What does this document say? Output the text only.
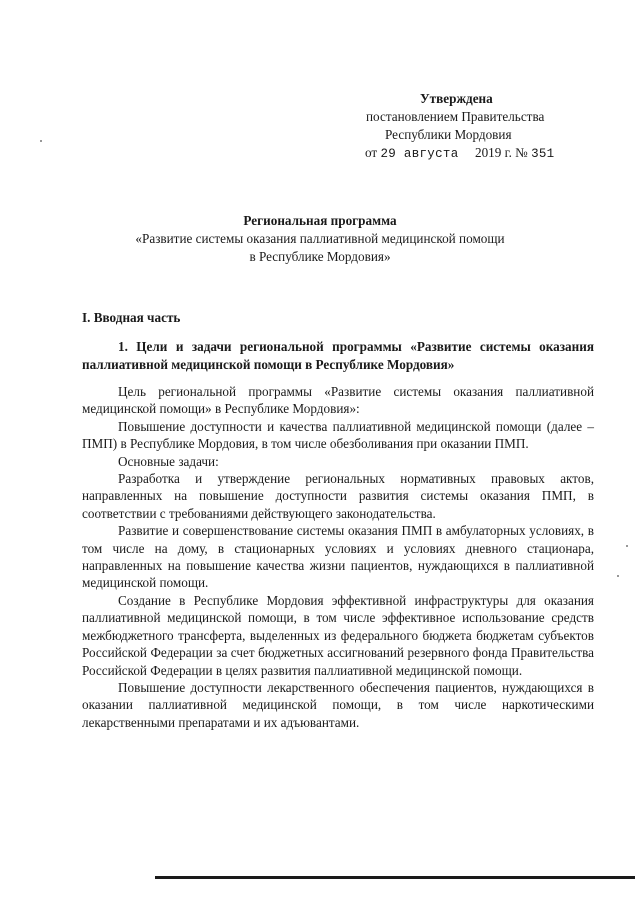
Утверждена
постановлением Правительства
Республики Мордовия
от 29 августа 2019 г. № 351
Региональная программа
«Развитие системы оказания паллиативной медицинской помощи
в Республике Мордовия»
I. Вводная часть
1. Цели и задачи региональной программы «Развитие системы оказания паллиативной медицинской помощи в Республике Мордовия»

Цель региональной программы «Развитие системы оказания паллиативной медицинской помощи» в Республике Мордовия»:

Повышение доступности и качества паллиативной медицинской помощи (далее – ПМП) в Республике Мордовия, в том числе обезболивания при оказании ПМП.

Основные задачи:

Разработка и утверждение региональных нормативных правовых актов, направленных на повышение доступности развития системы оказания ПМП, в соответствии с требованиями действующего законодательства.

Развитие и совершенствование системы оказания ПМП в амбулаторных условиях, в том числе на дому, в стационарных условиях и условиях дневного стационара, направленных на повышение качества жизни пациентов, нуждающихся в паллиативной медицинской помощи.

Создание в Республике Мордовия эффективной инфраструктуры для оказания паллиативной медицинской помощи, в том числе эффективное использование средств межбюджетного трансферта, выделенных из федерального бюджета бюджетам субъектов Российской Федерации за счет бюджетных ассигнований резервного фонда Правительства Российской Федерации в целях развития паллиативной медицинской помощи.

Повышение доступности лекарственного обеспечения пациентов, нуждающихся в оказании паллиативной медицинской помощи, в том числе наркотическими лекарственными препаратами и их адъювантами.
